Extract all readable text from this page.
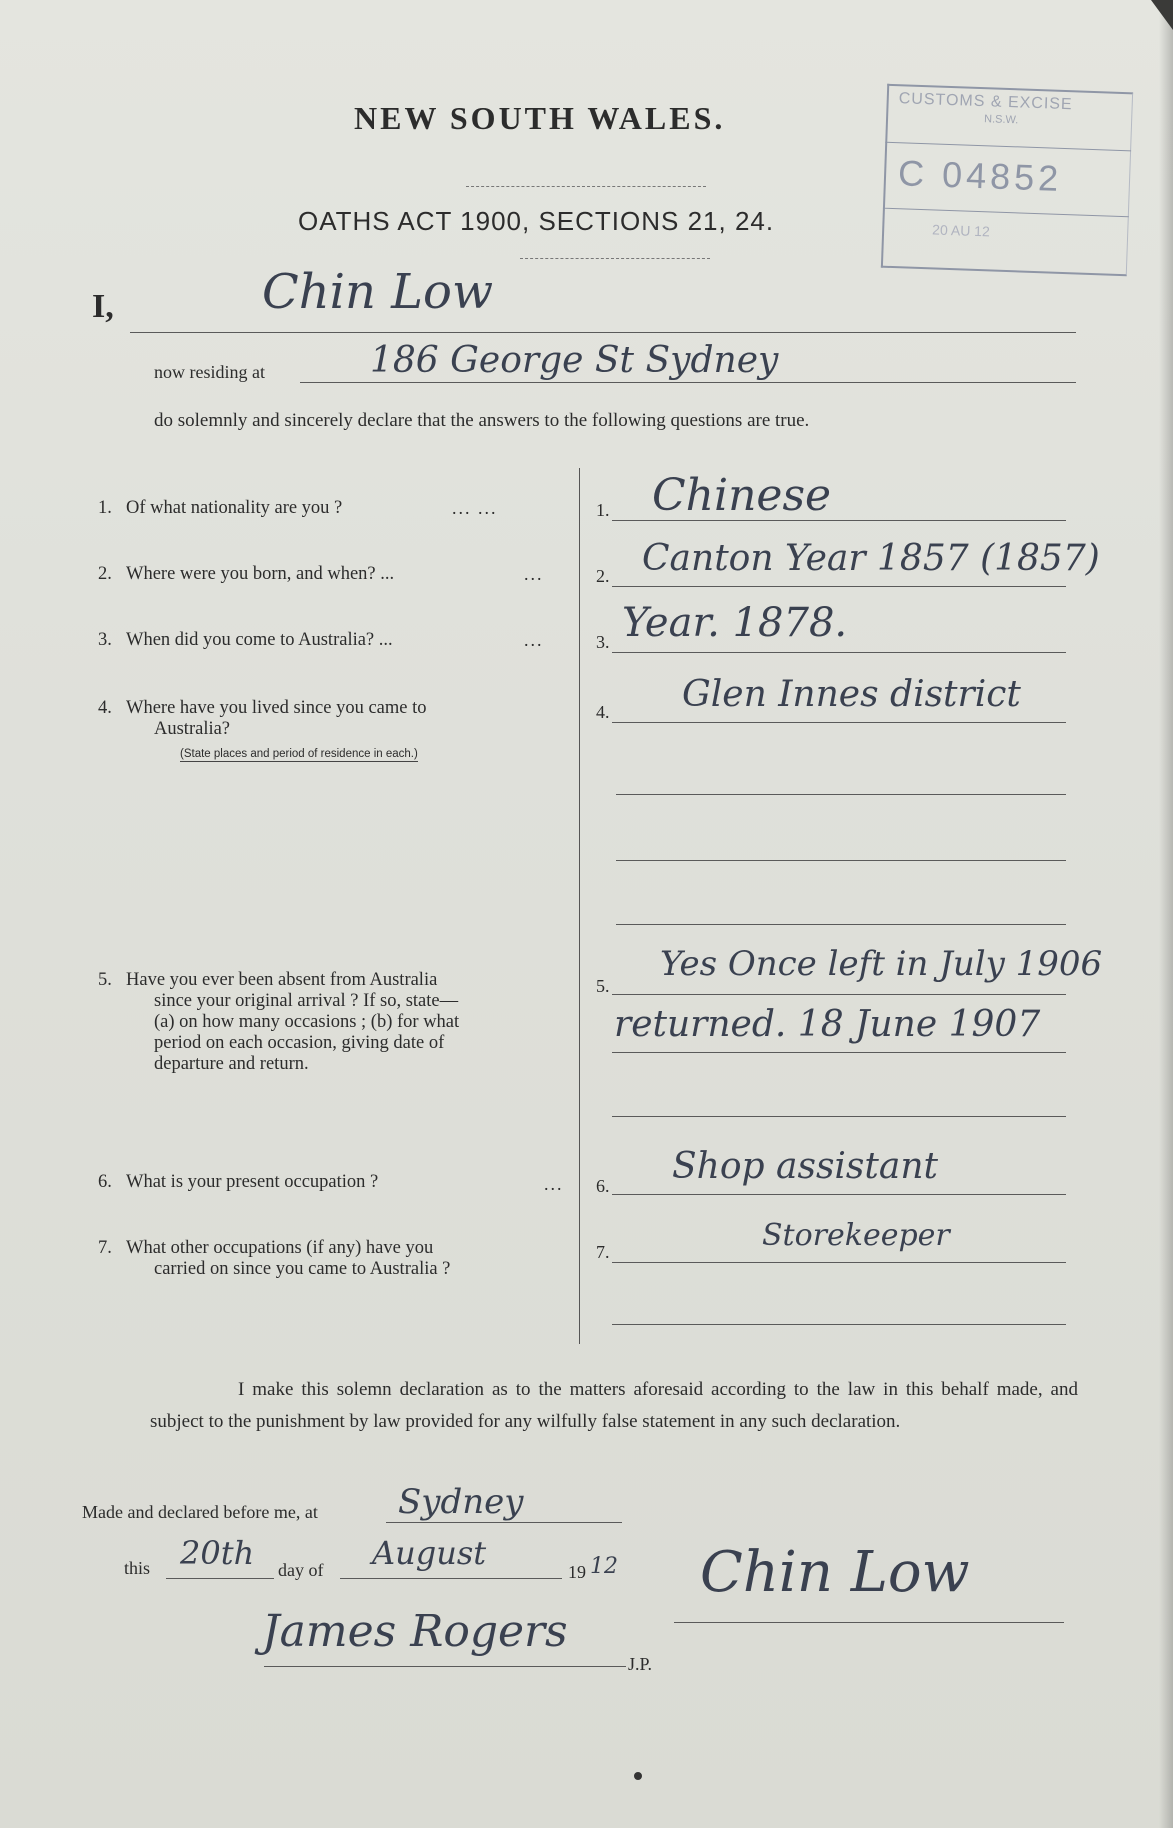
NEW SOUTH WALES.
OATHS ACT 1900, SECTIONS 21, 24.
CUSTOMS & EXCISE
N.S.W.
C 04852
20 AU 12
I,	Chin Low
now residing at	186 George St Sydney
do solemnly and sincerely declare that the answers to the following questions are true.
1. Of what nationality are you ?	... ...	1. Chinese
2. Where were you born, and when? ...	...	2. Canton Year 1857 (1857)
3. When did you come to Australia? ...	...	3. Year. 1878.
4. Where have you lived since you came to
Australia?
(State places and period of residence in each.)
4. Glen Innes district
5. Have you ever been absent from Australia
since your original arrival ? If so, state—
(a) on how many occasions ; (b) for what
period on each occasion, giving date of
departure and return.
5.
Yes Once left in July 1906
returned. 18 June 1907
6. What is your present occupation ?	... 6. Shop assistant
7. What other occupations (if any) have you
carried on since you came to Australia ?
7.	Storekeeper
I make this solemn declaration as to the matters aforesaid according to the law in this behalf made, and subject to the punishment by law provided for any wilfully false statement in any such declaration.
Made and declared before me, at Sydney
this 20th day of August	19 12
James Rogers
J.P.
Chin Low
